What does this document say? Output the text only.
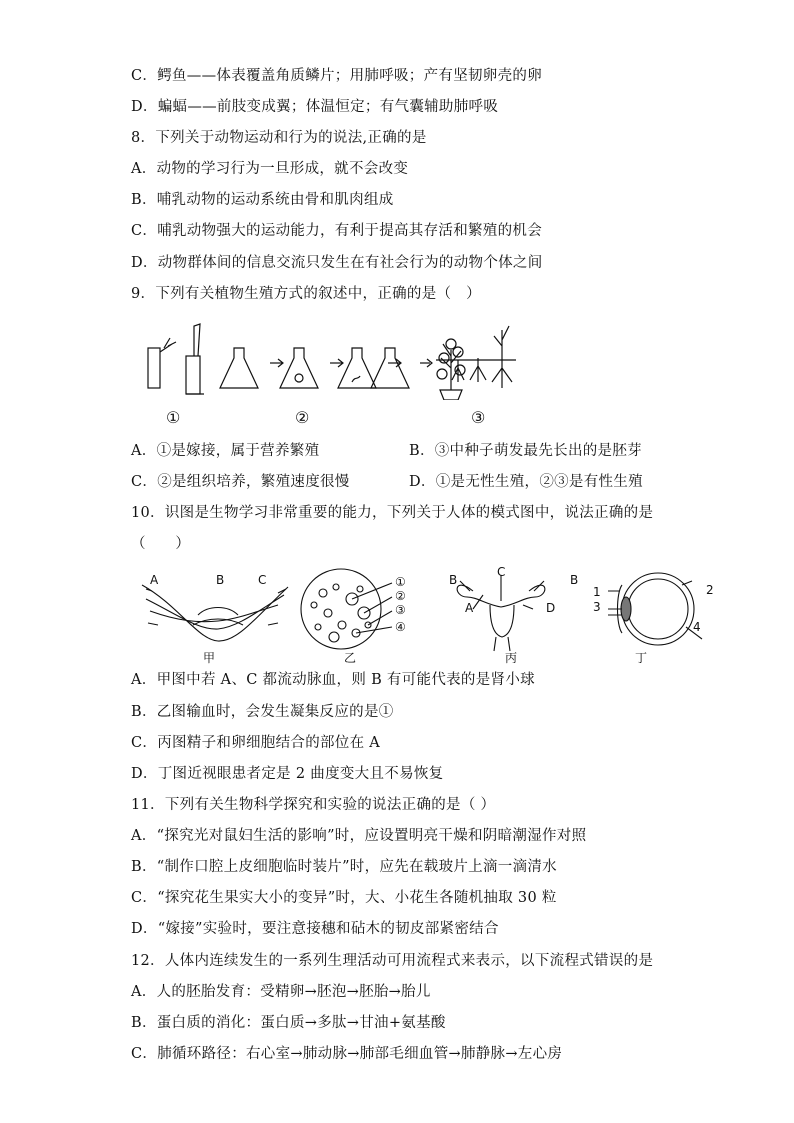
C．鳄鱼——体表覆盖角质鳞片；用肺呼吸；产有坚韧卵壳的卵
D．蝙蝠——前肢变成翼；体温恒定；有气囊辅助肺呼吸
8．下列关于动物运动和行为的说法,正确的是
A．动物的学习行为一旦形成，就不会改变
B．哺乳动物的运动系统由骨和肌肉组成
C．哺乳动物强大的运动能力，有利于提高其存活和繁殖的机会
D．动物群体间的信息交流只发生在有社会行为的动物个体之间
9．下列有关植物生殖方式的叙述中，正确的是（　）
①	②	③
A．①是嫁接，属于营养繁殖	B．③中种子萌发最先长出的是胚芽
C．②是组织培养，繁殖速度很慢	D．①是无性生殖，②③是有性生殖
10．识图是生物学习非常重要的能力，下列关于人体的模式图中，说法正确的是
（　　）
A	B	C	①
②
③
④
B
C
B
A	D
1	2
3
4
甲	乙	丙	丁
A．甲图中若 A、C 都流动脉血，则 B 有可能代表的是肾小球
B．乙图输血时，会发生凝集反应的是①
C．丙图精子和卵细胞结合的部位在 A
D．丁图近视眼患者定是 2 曲度变大且不易恢复
11．下列有关生物科学探究和实验的说法正确的是（ ）
A．“探究光对鼠妇生活的影响”时，应设置明亮干燥和阴暗潮湿作对照
B．“制作口腔上皮细胞临时装片”时，应先在载玻片上滴一滴清水
C．“探究花生果实大小的变异”时，大、小花生各随机抽取 30 粒
D．“嫁接”实验时，要注意接穗和砧木的韧皮部紧密结合
12．人体内连续发生的一系列生理活动可用流程式来表示，以下流程式错误的是
A．人的胚胎发育：受精卵→胚泡→胚胎→胎儿
B．蛋白质的消化：蛋白质→多肽→甘油+氨基酸
C．肺循环路径：右心室→肺动脉→肺部毛细血管→肺静脉→左心房
